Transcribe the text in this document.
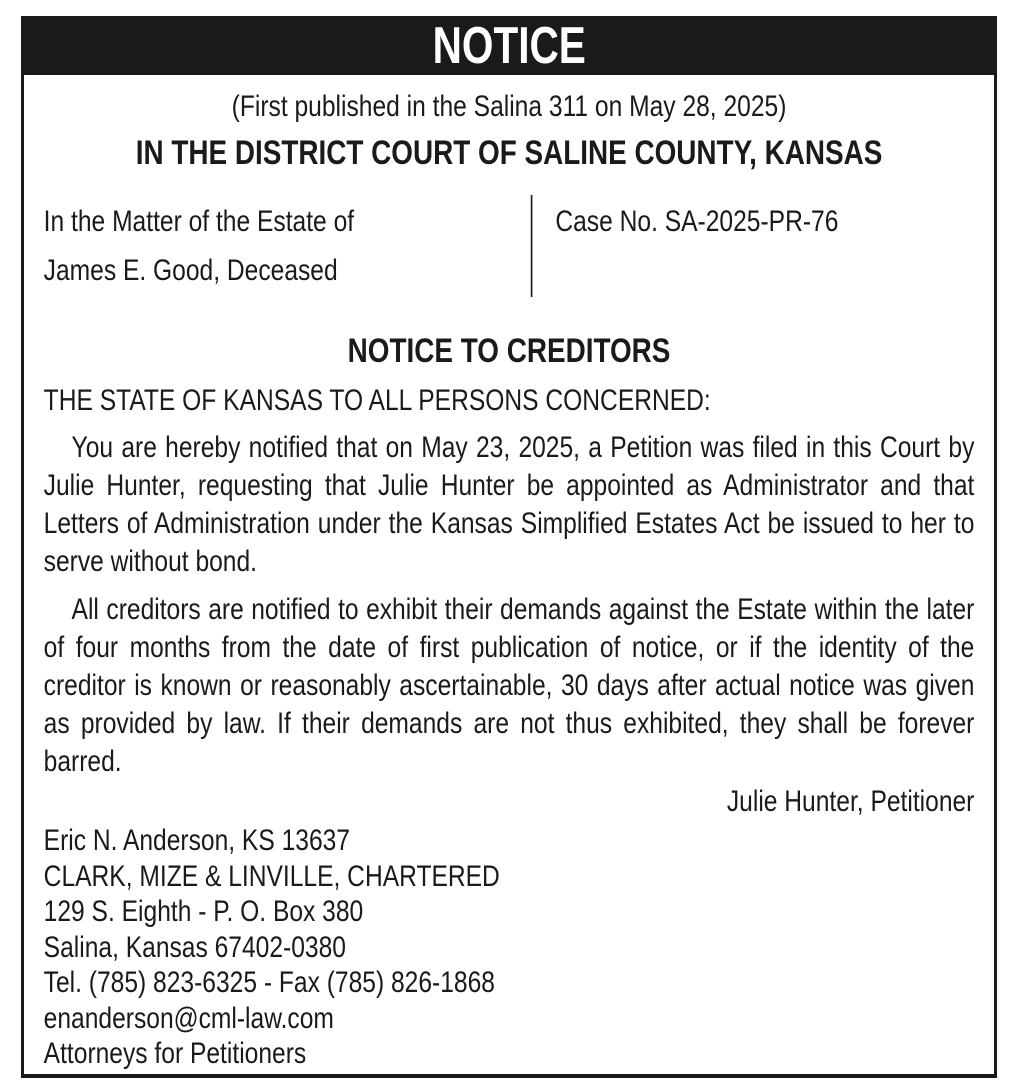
NOTICE
(First published in the Salina 311 on May 28, 2025)
IN THE DISTRICT COURT OF SALINE COUNTY, KANSAS
In the Matter of the Estate of
James E. Good, Deceased
Case No. SA-2025-PR-76
NOTICE TO CREDITORS
THE STATE OF KANSAS TO ALL PERSONS CONCERNED:

You are hereby notified that on May 23, 2025, a Petition was filed in this Court by Julie Hunter, requesting that Julie Hunter be appointed as Administrator and that Letters of Administration under the Kansas Simplified Estates Act be issued to her to serve without bond.

All creditors are notified to exhibit their demands against the Estate within the later of four months from the date of first publication of notice, or if the identity of the creditor is known or reasonably ascertainable, 30 days after actual notice was given as provided by law. If their demands are not thus exhibited, they shall be forever barred.

Julie Hunter, Petitioner
Eric N. Anderson, KS 13637
CLARK, MIZE & LINVILLE, CHARTERED
129 S. Eighth - P. O. Box 380
Salina, Kansas 67402-0380
Tel. (785) 823-6325 - Fax (785) 826-1868
enanderson@cml-law.com
Attorneys for Petitioners
